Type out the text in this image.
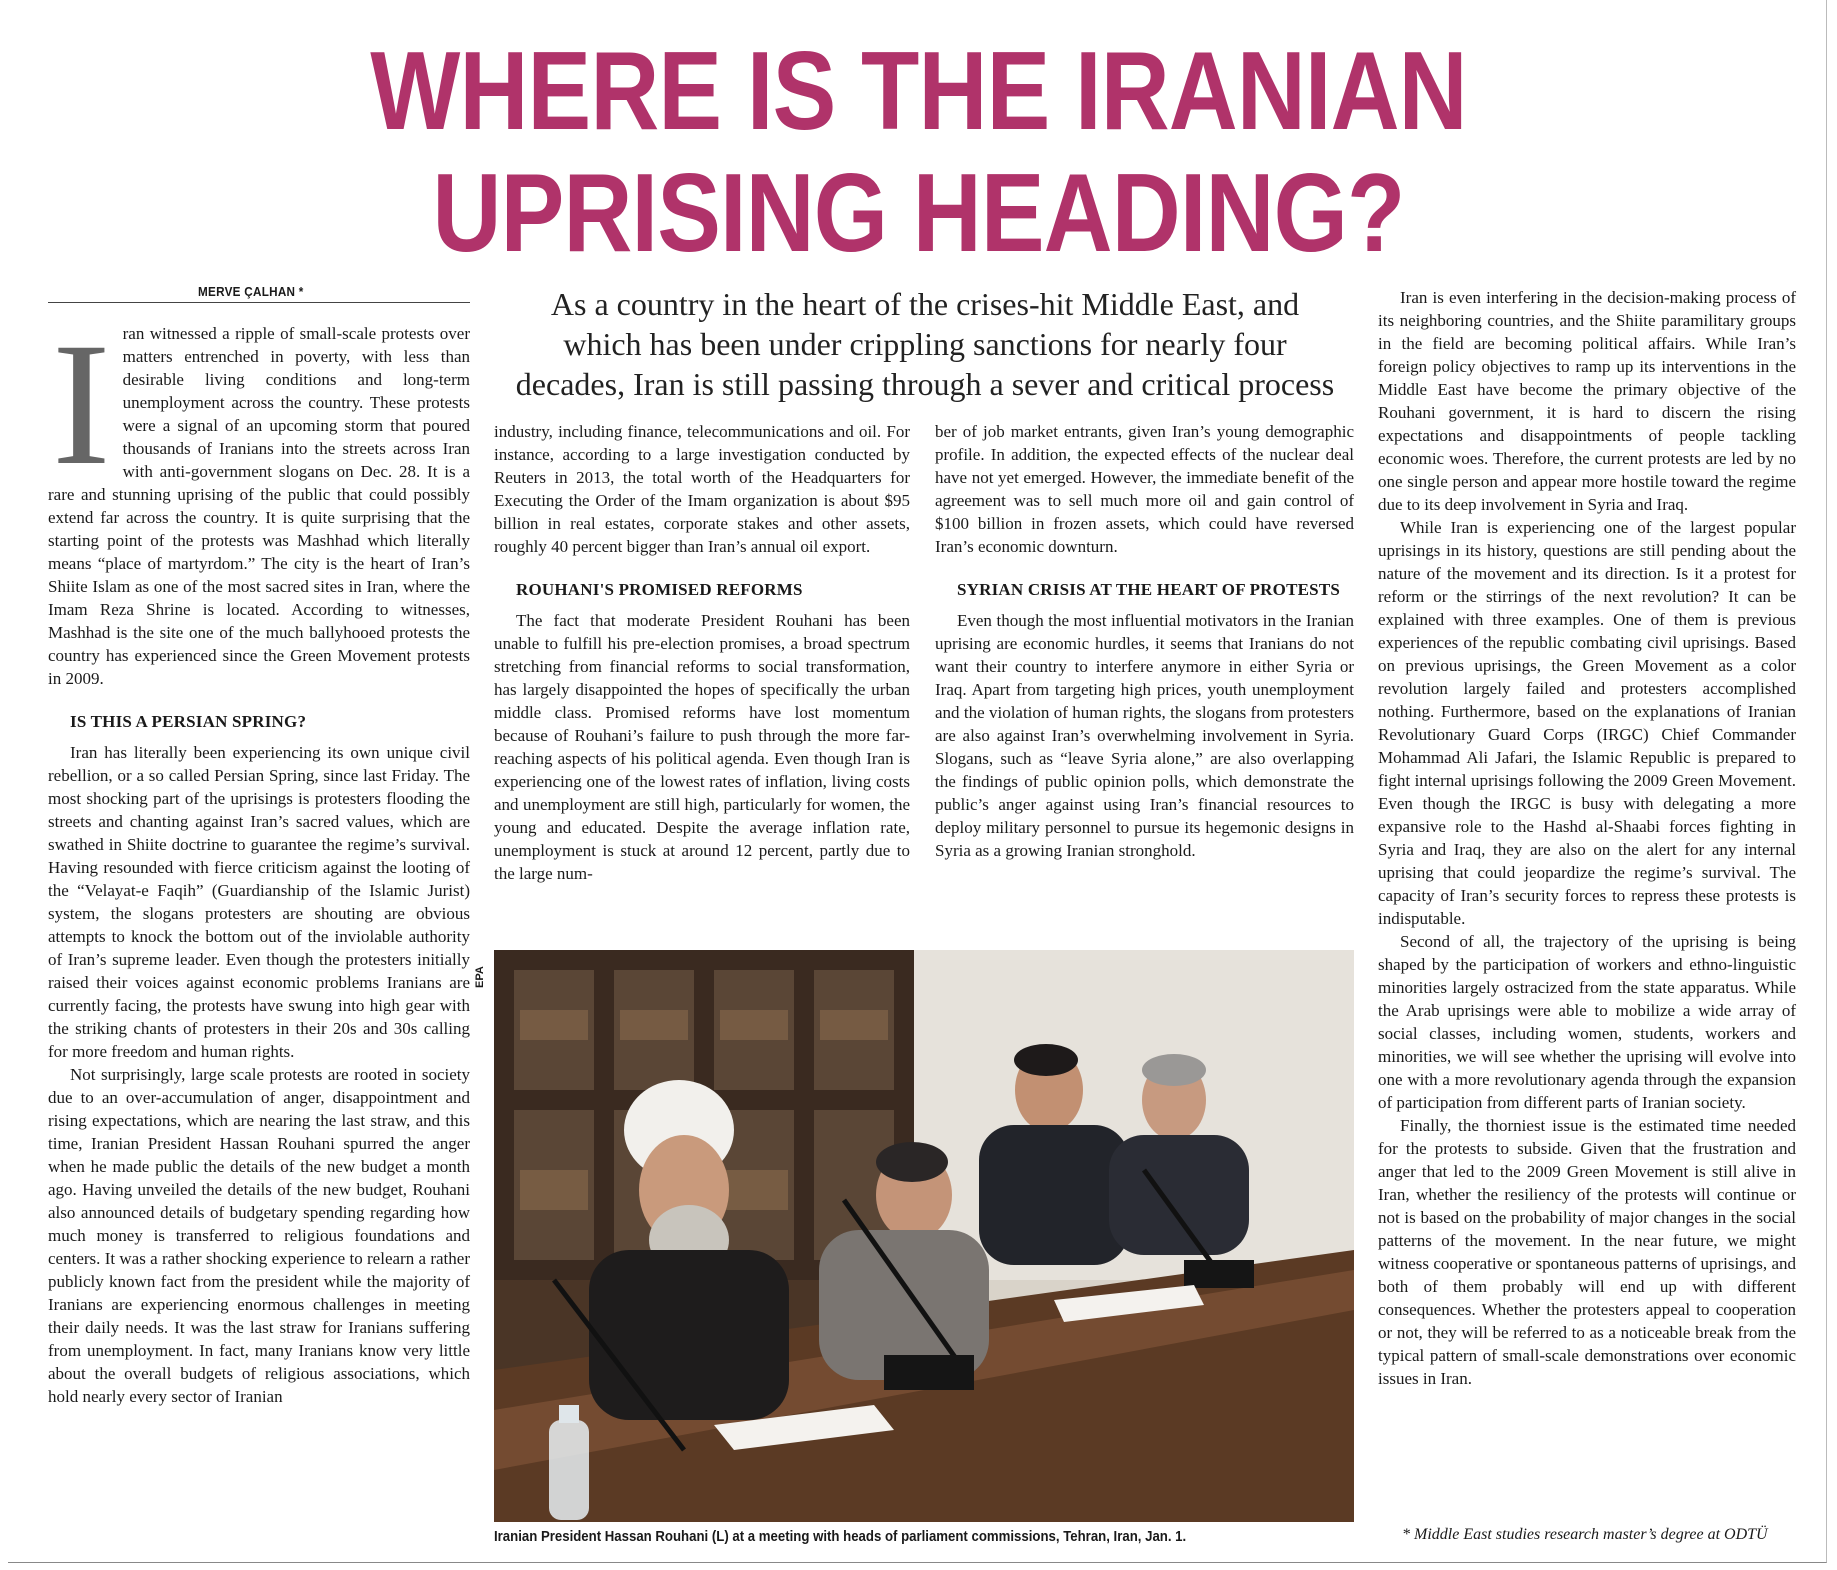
WHERE IS THE IRANIAN
UPRISING HEADING?
MERVE ÇALHAN *	As a country in the heart of the crises-hit Middle East, and
which has been under crippling sanctions for nearly four
decades, Iran is still passing through a sever and critical process
I ran witnessed a ripple of small-scale protests over matters entrenched in poverty, with less than desirable living conditions and long-term unemployment across the country. These protests were a signal of an upcoming storm that poured thousands of Iranians into the streets across Iran with anti-government slogans on Dec. 28. It is a rare and stunning uprising of the public that could possibly extend far across the country. It is quite surprising that the starting point of the protests was Mashhad which literally means “place of martyrdom.” The city is the heart of Iran’s Shiite Islam as one of the most sacred sites in Iran, where the Imam Reza Shrine is located. According to witnesses, Mashhad is the site one of the much ballyhooed protests the country has experienced since the Green Movement protests in 2009.

IS THIS A PERSIAN SPRING?

Iran has literally been experiencing its own unique civil rebellion, or a so called Persian Spring, since last Friday. The most shocking part of the uprisings is protesters flooding the streets and chanting against Iran’s sacred values, which are swathed in Shiite doctrine to guarantee the regime’s survival. Having resounded with fierce criticism against the looting of the “Velayat-e Faqih” (Guardianship of the Islamic Jurist) system, the slogans protesters are shouting are obvious attempts to knock the bottom out of the inviolable authority of Iran’s supreme leader. Even though the protesters initially raised their voices against economic problems Iranians are currently facing, the protests have swung into high gear with the striking chants of protesters in their 20s and 30s calling for more freedom and human rights.

Not surprisingly, large scale protests are rooted in society due to an over-accumulation of anger, disappointment and rising expectations, which are nearing the last straw, and this time, Iranian President Hassan Rouhani spurred the anger when he made public the details of the new budget a month ago. Having unveiled the details of the new budget, Rouhani also announced details of budgetary spending regarding how much money is transferred to religious foundations and centers. It was a rather shocking experience to relearn a rather publicly known fact from the president while the majority of Iranians are experiencing enormous challenges in meeting their daily needs. It was the last straw for Iranians suffering from unemployment. In fact, many Iranians know very little about the overall budgets of religious associations, which hold nearly every sector of Iranian

industry, including finance, telecommunications and oil. For instance, according to a large investigation conducted by Reuters in 2013, the total worth of the Headquarters for Executing the Order of the Imam organization is about $95 billion in real estates, corporate stakes and other assets, roughly 40 percent bigger than Iran’s annual oil export.

ROUHANI'S PROMISED REFORMS

The fact that moderate President Rouhani has been unable to fulfill his pre-election promises, a broad spectrum stretching from financial reforms to social transformation, has largely disappointed the hopes of specifically the urban middle class. Promised reforms have lost momentum because of Rouhani’s failure to push through the more far-reaching aspects of his political agenda. Even though Iran is experiencing one of the lowest rates of inflation, living costs and unemployment are still high, particularly for women, the young and educated. Despite the average inflation rate, unemployment is stuck at around 12 percent, partly due to the large num-

ber of job market entrants, given Iran’s young demographic profile. In addition, the expected effects of the nuclear deal have not yet emerged. However, the immediate benefit of the agreement was to sell much more oil and gain control of $100 billion in frozen assets, which could have reversed Iran’s economic downturn.

SYRIAN CRISIS AT THE HEART OF PROTESTS

Even though the most influential motivators in the Iranian uprising are economic hurdles, it seems that Iranians do not want their country to interfere anymore in either Syria or Iraq. Apart from targeting high prices, youth unemployment and the violation of human rights, the slogans from protesters are also against Iran’s overwhelming involvement in Syria. Slogans, such as “leave Syria alone,” are also overlapping the findings of public opinion polls, which demonstrate the public’s anger against using Iran’s financial resources to deploy military personnel to pursue its hegemonic designs in Syria as a growing Iranian stronghold.

Iran is even interfering in the decision-making process of its neighboring countries, and the Shiite paramilitary groups in the field are becoming political affairs. While Iran’s foreign policy objectives to ramp up its interventions in the Middle East have become the primary objective of the Rouhani government, it is hard to discern the rising expectations and disappointments of people tackling economic woes. Therefore, the current protests are led by no one single person and appear more hostile toward the regime due to its deep involvement in Syria and Iraq.

While Iran is experiencing one of the largest popular uprisings in its history, questions are still pending about the nature of the movement and its direction. Is it a protest for reform or the stirrings of the next revolution? It can be explained with three examples. One of them is previous experiences of the republic combating civil uprisings. Based on previous uprisings, the Green Movement as a color revolution largely failed and protesters accomplished nothing. Furthermore, based on the explanations of Iranian Revolutionary Guard Corps (IRGC) Chief Commander Mohammad Ali Jafari, the Islamic Republic is prepared to fight internal uprisings following the 2009 Green Movement. Even though the IRGC is busy with delegating a more expansive role to the Hashd al-Shaabi forces fighting in Syria and Iraq, they are also on the alert for any internal uprising that could jeopardize the regime’s survival. The capacity of Iran’s security forces to repress these protests is indisputable.

Second of all, the trajectory of the uprising is being shaped by the participation of workers and ethno-linguistic minorities largely ostracized from the state apparatus. While the Arab uprisings were able to mobilize a wide array of social classes, including women, students, workers and minorities, we will see whether the uprising will evolve into one with a more revolutionary agenda through the expansion of participation from different parts of Iranian society.

Finally, the thorniest issue is the estimated time needed for the protests to subside. Given that the frustration and anger that led to the 2009 Green Movement is still alive in Iran, whether the resiliency of the protests will continue or not is based on the probability of major changes in the social patterns of the movement. In the near future, we might witness cooperative or spontaneous patterns of uprisings, and both of them probably will end up with different consequences. Whether the protesters appeal to cooperation or not, they will be referred to as a noticeable break from the typical pattern of small-scale demonstrations over economic issues in Iran.

EPA
Iranian President Hassan Rouhani (L) at a meeting with heads of parliament commissions, Tehran, Iran, Jan. 1.	* Middle East studies research master’s degree at ODTÜ
